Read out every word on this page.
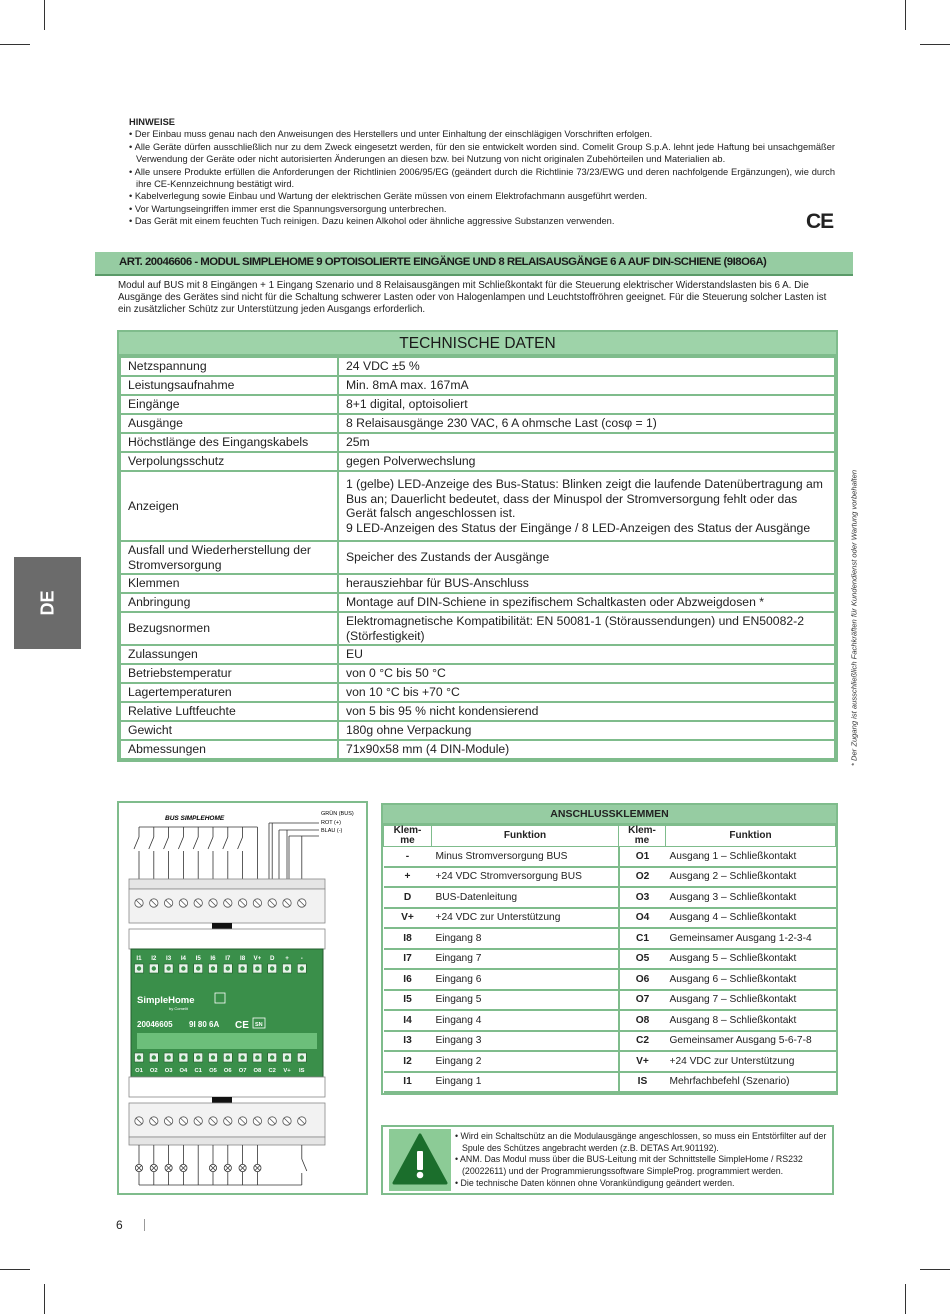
HINWEISE
• Der Einbau muss genau nach den Anweisungen des Herstellers und unter Einhaltung der einschlägigen Vorschriften erfolgen.
• Alle Geräte dürfen ausschließlich nur zu dem Zweck eingesetzt werden, für den sie entwickelt worden sind. Comelit Group S.p.A. lehnt jede Haftung bei unsachgemäßer Verwendung der Geräte oder nicht autorisierten Änderungen an diesen bzw. bei Nutzung von nicht originalen Zubehörteilen und Materialien ab.
• Alle unsere Produkte erfüllen die Anforderungen der Richtlinien 2006/95/EG (geändert durch die Richtlinie 73/23/EWG und deren nachfolgende Ergänzungen), wie durch ihre CE-Kennzeichnung bestätigt wird.
• Kabelverlegung sowie Einbau und Wartung der elektrischen Geräte müssen von einem Elektrofachmann ausgeführt werden.
• Vor Wartungseingriffen immer erst die Spannungsversorgung unterbrechen.
• Das Gerät mit einem feuchten Tuch reinigen. Dazu keinen Alkohol oder ähnliche aggressive Substanzen verwenden.	CE
ART. 20046606 - MODUL SIMPLEHOME 9 OPTOISOLIERTE EINGÄNGE UND 8 RELAISAUSGÄNGE 6 A AUF DIN-SCHIENE (9I8O6A)
Modul auf BUS mit 8 Eingängen + 1 Eingang Szenario und 8 Relaisausgängen mit Schließkontakt für die Steuerung elektrischer Widerstandslasten bis 6 A. Die Ausgänge des Gerätes sind nicht für die Schaltung schwerer Lasten oder von Halogenlampen und Leuchtstoffröhren geeignet. Für die Steuerung solcher Lasten ist ein zusätzlicher Schütz zur Unterstützung jeden Ausgangs erforderlich.
TECHNISCHE DATEN
Netzspannung	24 VDC ±5 %
Leistungsaufnahme	Min. 8mA max. 167mA
Eingänge	8+1 digital, optoisoliert
Ausgänge	8 Relaisausgänge 230 VAC, 6 A ohmsche Last (cosφ = 1)
Höchstlänge des Eingangskabels	25m
Verpolungsschutz	gegen Polverwechslung
Anzeigen	1 (gelbe) LED-Anzeige des Bus-Status: Blinken zeigt die laufende Datenübertragung am Bus an; Dauerlicht bedeutet, dass der Minuspol der Stromversorgung fehlt oder das Gerät falsch angeschlossen ist.
9 LED-Anzeigen des Status der Eingänge / 8 LED-Anzeigen des Status der Ausgänge
Ausfall und Wiederherstellung der Stromversorgung	Speicher des Zustands der Ausgänge
Klemmen	herausziehbar für BUS-Anschluss
Anbringung	Montage auf DIN-Schiene in spezifischem Schaltkasten oder Abzweigdosen *
Bezugsnormen	Elektromagnetische Kompatibilität: EN 50081-1 (Störaussendungen) und EN50082-2 (Störfestigkeit)
Zulassungen	EU
Betriebstemperatur	von 0 °C bis 50 °C
Lagertemperaturen	von 10 °C bis +70 °C
Relative Luftfeuchte	von 5 bis 95 % nicht kondensierend
Gewicht	180g ohne Verpackung
Abmessungen	71x90x58 mm (4 DIN-Module)
DE	* Der Zugang ist ausschließlich Fachkräften für Kundendienst oder Wartung vorbehalten
BUS SIMPLEHOME
GRÜN (BUS)
ROT (+)
BLAU (-)
I1 I2 I3 I4 I5 I6 I7 I8 V+ D + -
SimpleHome
by Comelit
20046605 9I 80 6A CE SN
O1 O2 O3 O4 C1 O5 O6 O7 O8 C2 V+ IS
ANSCHLUSSKLEMMEN
Klem-me	Funktion	Klem-me	Funktion
-	Minus Stromversorgung BUS	O1	Ausgang 1 – Schließkontakt
+	+24 VDC Stromversorgung BUS	O2	Ausgang 2 – Schließkontakt
D	BUS-Datenleitung	O3	Ausgang 3 – Schließkontakt
V+	+24 VDC zur Unterstützung	O4	Ausgang 4 – Schließkontakt
I8	Eingang 8	C1	Gemeinsamer Ausgang 1-2-3-4
I7	Eingang 7	O5	Ausgang 5 – Schließkontakt
I6	Eingang 6	O6	Ausgang 6 – Schließkontakt
I5	Eingang 5	O7	Ausgang 7 – Schließkontakt
I4	Eingang 4	O8	Ausgang 8 – Schließkontakt
I3	Eingang 3	C2	Gemeinsamer Ausgang 5-6-7-8
I2	Eingang 2	V+	+24 VDC zur Unterstützung
I1	Eingang 1	IS	Mehrfachbefehl (Szenario)
• Wird ein Schaltschütz an die Modulausgänge angeschlossen, so muss ein Entstörfilter auf der Spule des Schützes angebracht werden (z.B. DETAS Art.901192).
• ANM. Das Modul muss über die BUS-Leitung mit der Schnittstelle SimpleHome / RS232 (20022611) und der Programmierungssoftware SimpleProg. programmiert werden.
• Die technische Daten können ohne Vorankündigung geändert werden.
6
